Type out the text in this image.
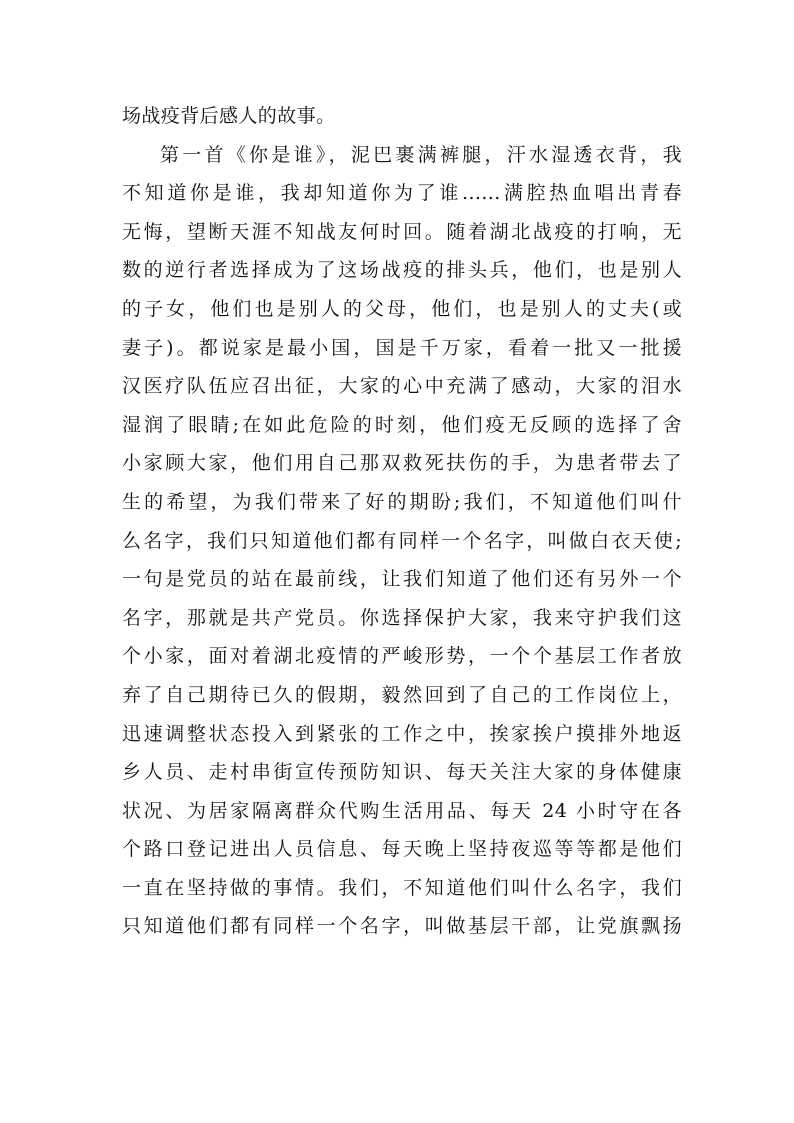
场战疫背后感人的故事。
第一首《你是谁》，泥巴裹满裤腿，汗水湿透衣背，我
不知道你是谁，我却知道你为了谁......满腔热血唱出青春
无悔，望断天涯不知战友何时回。随着湖北战疫的打响，无
数的逆行者选择成为了这场战疫的排头兵，他们，也是别人
的子女，他们也是别人的父母，他们，也是别人的丈夫(或
妻子)。都说家是最小国，国是千万家，看着一批又一批援
汉医疗队伍应召出征，大家的心中充满了感动，大家的泪水
湿润了眼睛;在如此危险的时刻，他们疫无反顾的选择了舍
小家顾大家，他们用自己那双救死扶伤的手，为患者带去了
生的希望，为我们带来了好的期盼;我们，不知道他们叫什
么名字，我们只知道他们都有同样一个名字，叫做白衣天使;
一句是党员的站在最前线，让我们知道了他们还有另外一个
名字，那就是共产党员。你选择保护大家，我来守护我们这
个小家，面对着湖北疫情的严峻形势，一个个基层工作者放
弃了自己期待已久的假期，毅然回到了自己的工作岗位上，
迅速调整状态投入到紧张的工作之中，挨家挨户摸排外地返
乡人员、走村串街宣传预防知识、每天关注大家的身体健康
状况、为居家隔离群众代购生活用品、每天 24 小时守在各
个路口登记进出人员信息、每天晚上坚持夜巡等等都是他们
一直在坚持做的事情。我们，不知道他们叫什么名字，我们
只知道他们都有同样一个名字，叫做基层干部，让党旗飘扬
